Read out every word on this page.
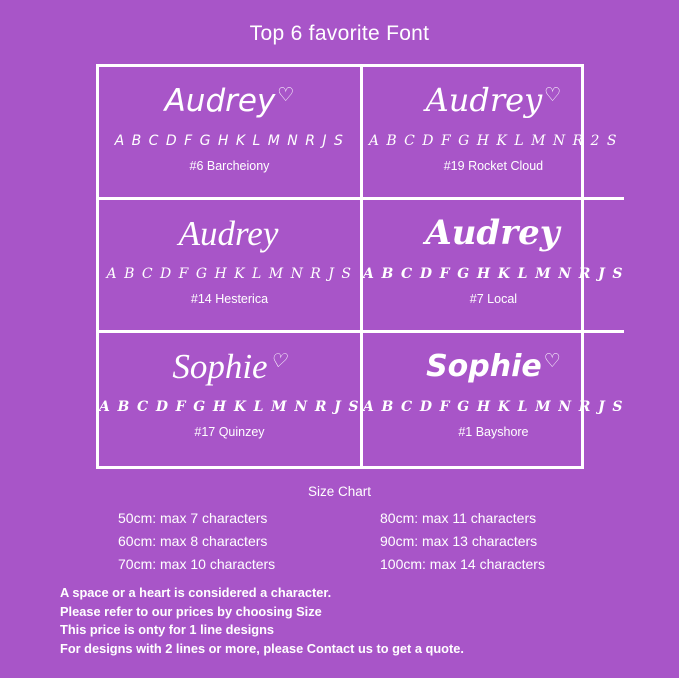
Top 6 favorite Font
Audrey ♡
A B C D F G H K L M N R J S
#6 Barcheiony
Audrey ♡
A B C D F G H K L M N R 2 S
#19 Rocket Cloud
Audrey
A B C D F G H K L M N R J S
#14 Hesterica
Audrey
A B C D F G H K L M N R J S
#7 Local
Sophie ♡
A B C D F G H K L M N R J S
#17 Quinzey
Sophie ♡
A B C D F G H K L M N R J S
#1 Bayshore
Size Chart
50cm: max 7 characters	80cm: max 11 characters
60cm: max 8 characters	90cm: max 13 characters
70cm: max 10 characters	100cm: max 14 characters
A space or a heart is considered a character.
Please refer to our prices by choosing Size
This price is onty for 1 line designs
For designs with 2 lines or more, please Contact us to get a quote.
